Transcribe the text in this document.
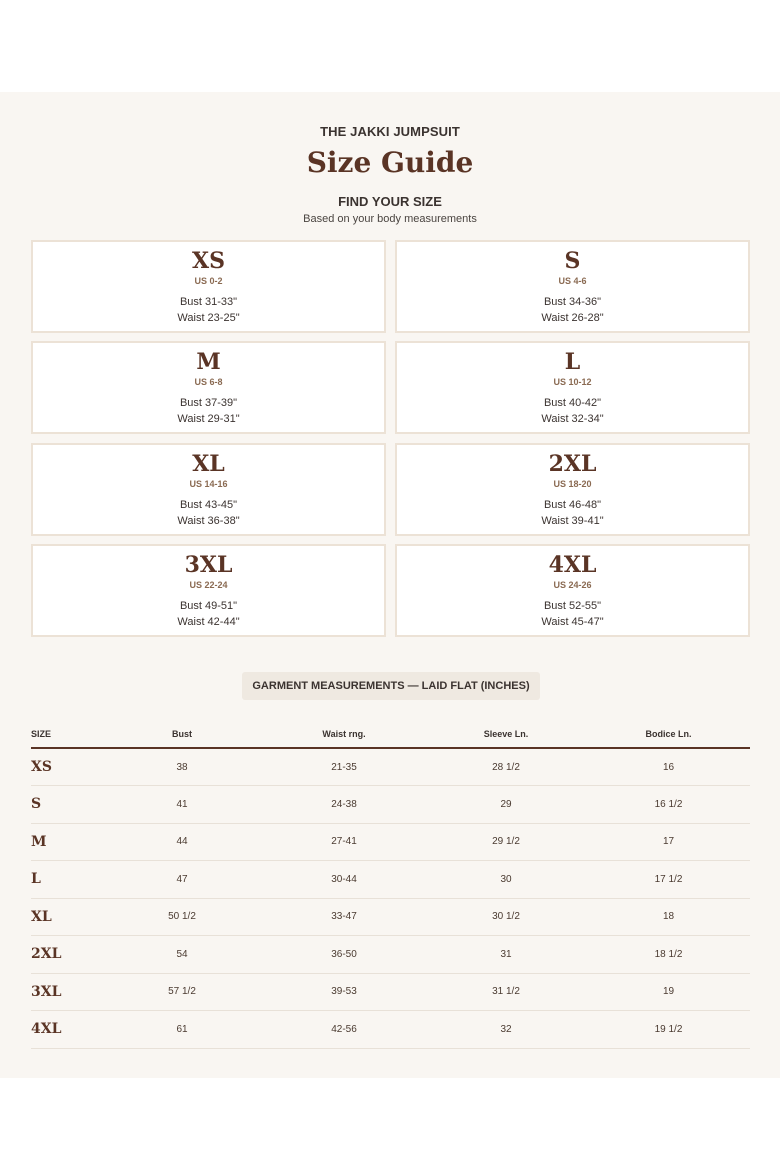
THE JAKKI JUMPSUIT
Size Guide
FIND YOUR SIZE
Based on your body measurements
XS
US 0-2
Bust 31-33"
Waist 23-25"
S
US 4-6
Bust 34-36"
Waist 26-28"
M
US 6-8
Bust 37-39"
Waist 29-31"
L
US 10-12
Bust 40-42"
Waist 32-34"
XL
US 14-16
Bust 43-45"
Waist 36-38"
2XL
US 18-20
Bust 46-48"
Waist 39-41"
3XL
US 22-24
Bust 49-51"
Waist 42-44"
4XL
US 24-26
Bust 52-55"
Waist 45-47"
GARMENT MEASUREMENTS — LAID FLAT (INCHES)
SIZE	Bust	Waist rng.	Sleeve Ln.	Bodice Ln.
XS	38	21-35	28 1/2	16
S	41	24-38	29	16 1/2
M	44	27-41	29 1/2	17
L	47	30-44	30	17 1/2
XL	50 1/2	33-47	30 1/2	18
2XL	54	36-50	31	18 1/2
3XL	57 1/2	39-53	31 1/2	19
4XL	61	42-56	32	19 1/2
